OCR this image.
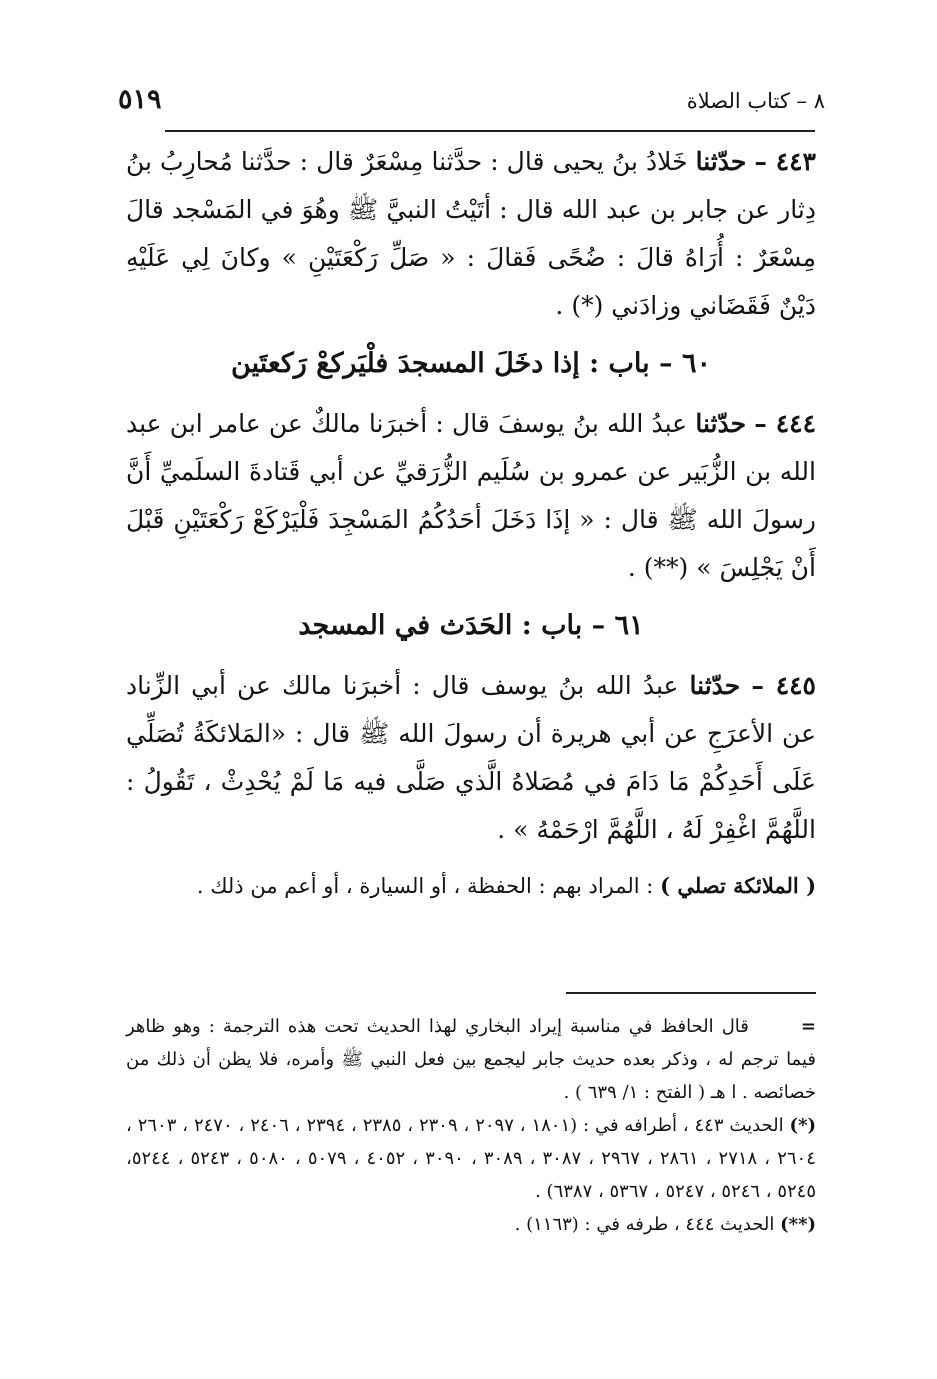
٨ – كتاب الصلاة
٥١٩

٤٤٣ – حدّثنا خَلادُ بنُ يحيى قال : حدَّثنا مِسْعَرٌ قال : حدَّثنا مُحارِبُ بنُ دِثار عن جابر بن عبد الله قال : أتَيْتُ النبيَّ ﷺ وهُوَ في المَسْجد قالَ مِسْعَرٌ : أُرَاهُ قالَ : ضُحًى فَقالَ : « صَلِّ رَكْعَتَيْنِ » وكانَ لِي عَلَيْهِ دَيْنٌ فَقَضَاني وزادَني (*) .

٦٠ – باب : إذا دخَلَ المسجدَ فلْيَركعْ رَكعتَين

٤٤٤ – حدّثنا عبدُ الله بنُ يوسفَ قال : أخبرَنا مالكٌ عن عامر ابن عبد الله بن الزُّبَير عن عمرو بن سُلَيم الزُّرَقيِّ عن أبي قَتادةَ السلَميِّ أَنَّ رسولَ الله ﷺ قال : « إذَا دَخَلَ أحَدُكُمُ المَسْجِدَ فَلْيَرْكَعْ رَكْعَتَيْنِ قَبْلَ أَنْ يَجْلِسَ » (**) .

٦١ – باب : الحَدَث في المسجد

٤٤٥ – حدّثنا عبدُ الله بنُ يوسف قال : أخبرَنا مالك عن أبي الزِّناد عن الأعرَجِ عن أبي هريرة أن رسولَ الله ﷺ قال : «المَلائكَةُ تُصَلِّي عَلَى أَحَدِكُمْ مَا دَامَ في مُصَلاهُ الَّذي صَلَّى فيه مَا لَمْ يُحْدِثْ ، تَقُولُ : اللَّهُمَّ اغْفِرْ لَهُ ، اللَّهُمَّ ارْحَمْهُ » .

( الملائكة تصلي ) : المراد بهم : الحفظة ، أو السيارة ، أو أعم من ذلك .

= قال الحافظ في مناسبة إيراد البخاري لهذا الحديث تحت هذه الترجمة : وهو ظاهر فيما ترجم له ، وذكر بعده حديث جابر ليجمع بين فعل النبي ﷺ وأمره، فلا يظن أن ذلك من خصائصه . ا هـ ( الفتح : ١/ ٦٣٩ ) .

(*) الحديث ٤٤٣ ، أطرافه في : (١٨٠١ ، ٢٠٩٧ ، ٢٣٠٩ ، ٢٣٨٥ ، ٢٣٩٤ ، ٢٤٠٦ ، ٢٤٧٠ ، ٢٦٠٣ ، ٢٦٠٤ ، ٢٧١٨ ، ٢٨٦١ ، ٢٩٦٧ ، ٣٠٨٧ ، ٣٠٨٩ ، ٣٠٩٠ ، ٤٠٥٢ ، ٥٠٧٩ ، ٥٠٨٠ ، ٥٢٤٣ ، ٥٢٤٤، ٥٢٤٥ ، ٥٢٤٦ ، ٥٢٤٧ ، ٥٣٦٧ ، ٦٣٨٧) .

(**) الحديث ٤٤٤ ، طرفه في : (١١٦٣) .
